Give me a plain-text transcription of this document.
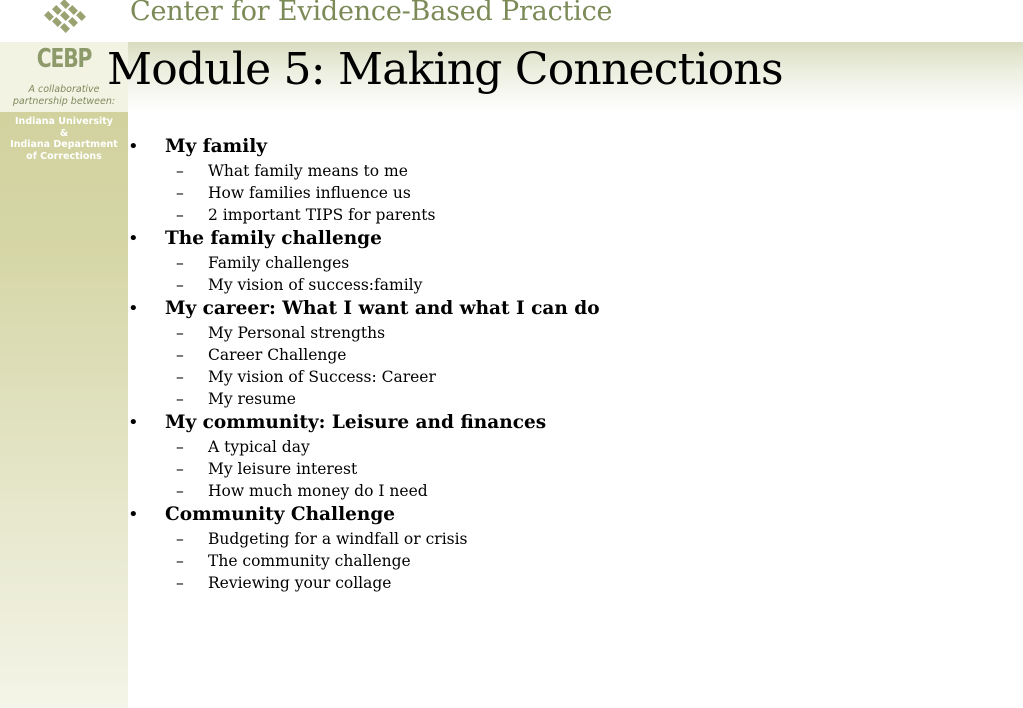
Center for Evidence-Based Practice
CEBP
A collaborative
partnership between:
Indiana University
&
Indiana Department
of Corrections
Module 5: Making Connections
• My family
– What family means to me
– How families influence us
– 2 important TIPS for parents
• The family challenge
– Family challenges
– My vision of success:family
• My career: What I want and what I can do
– My Personal strengths
– Career Challenge
– My vision of Success: Career
– My resume
• My community: Leisure and finances
– A typical day
– My leisure interest
– How much money do I need
• Community Challenge
– Budgeting for a windfall or crisis
– The community challenge
– Reviewing your collage
